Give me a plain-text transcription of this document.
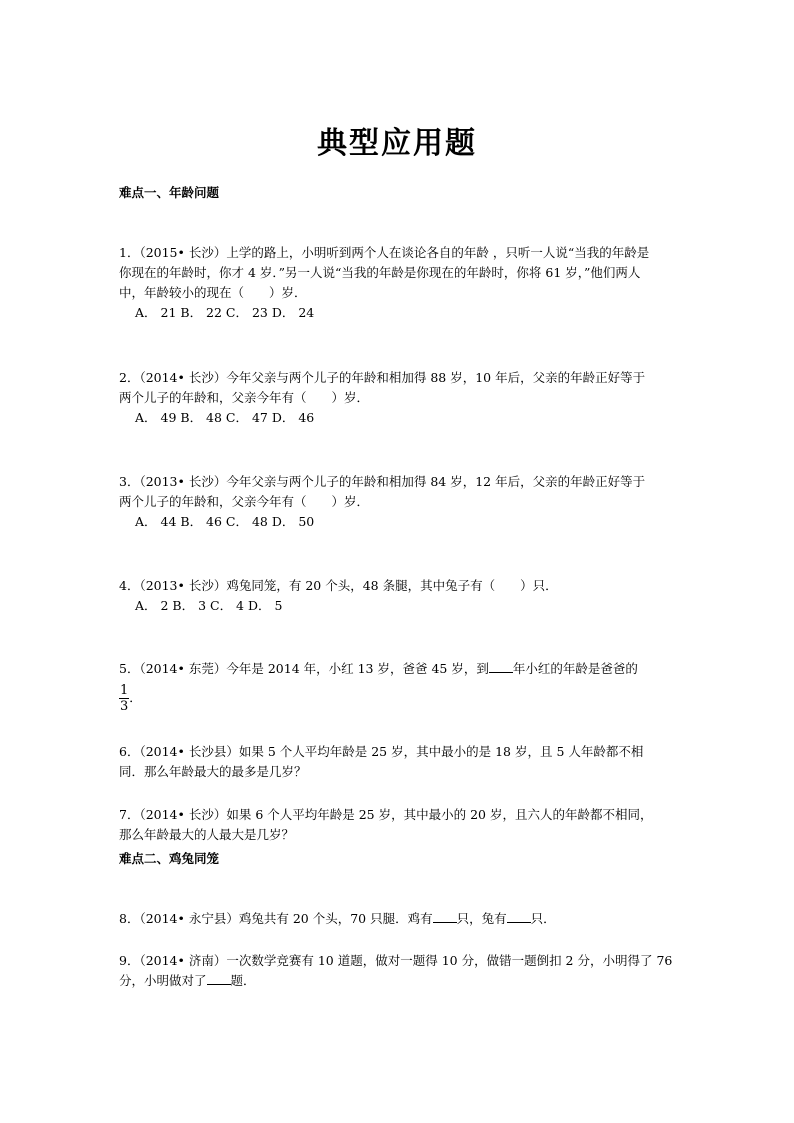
典型应用题
难点一、年龄问题
1．（2015• 长沙）上学的路上，小明听到两个人在谈论各自的年龄 ，只听一人说“当我的年龄是
你现在的年龄时，你才 4 岁．”另一人说“当我的年龄是你现在的年龄时，你将 61 岁，”他们两人
中，年龄较小的现在（　　）岁．
A． 21 B． 22 C． 23 D． 24
2．（2014• 长沙）今年父亲与两个儿子的年龄和相加得 88 岁，10 年后，父亲的年龄正好等于
两个儿子的年龄和，父亲今年有（　　）岁．
A． 49 B． 48 C． 47 D． 46
3．（2013• 长沙）今年父亲与两个儿子的年龄和相加得 84 岁，12 年后，父亲的年龄正好等于
两个儿子的年龄和，父亲今年有（　　）岁．
A． 44 B． 46 C． 48 D． 50
4．（2013• 长沙）鸡兔同笼，有 20 个头，48 条腿，其中兔子有（　　）只．
A． 2 B． 3 C． 4 D． 5
5．（2014• 东莞）今年是 2014 年，小红 13 岁，爸爸 45 岁，到 年小红的年龄是爸爸的
$\frac{1}{3}$ ．
6．（2014• 长沙县）如果 5 个人平均年龄是 25 岁，其中最小的是 18 岁，且 5 人年龄都不相
同．那么年龄最大的最多是几岁？
7．（2014• 长沙）如果 6 个人平均年龄是 25 岁，其中最小的 20 岁，且六人的年龄都不相同，
那么年龄最大的人最大是几岁？
难点二、鸡兔同笼
8．（2014• 永宁县）鸡兔共有 20 个头，70 只腿．鸡有 只，兔有 只．
9．（2014• 济南）一次数学竞赛有 10 道题，做对一题得 10 分，做错一题倒扣 2 分，小明得了 76
分，小明做对了 题．
